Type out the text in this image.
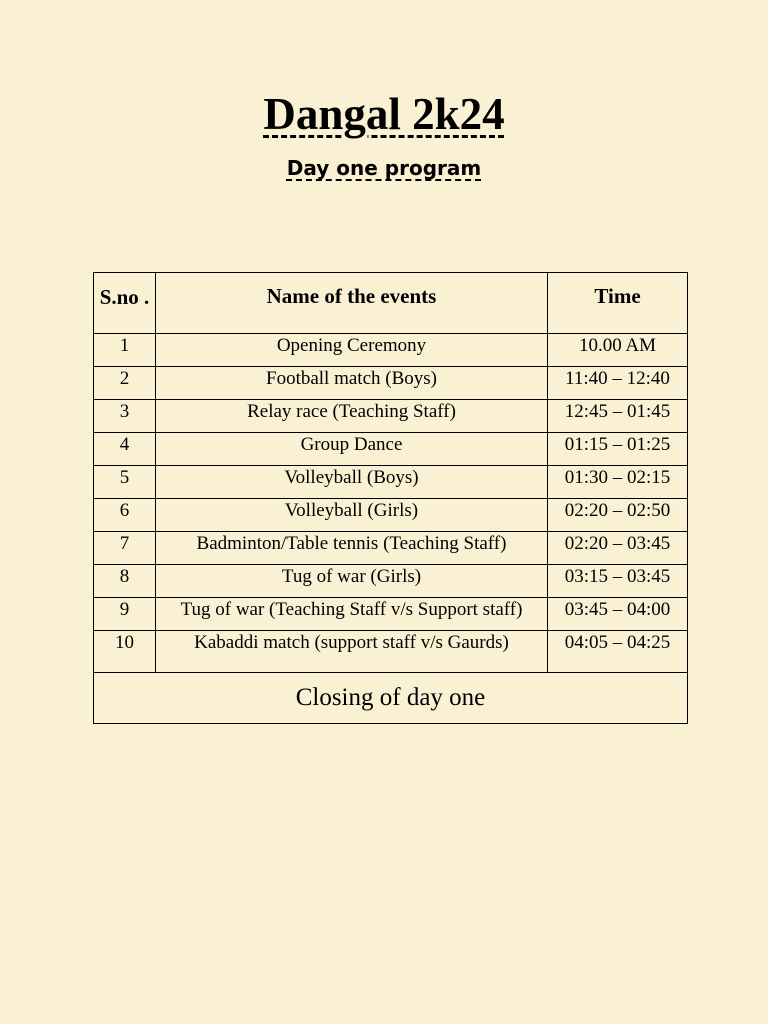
Dangal 2k24
Day one program
S.no .	Name of the events	Time
1	Opening Ceremony	10.00 AM
2	Football match (Boys)	11:40 – 12:40
3	Relay race (Teaching Staff)	12:45 – 01:45
4	Group Dance	01:15 – 01:25
5	Volleyball (Boys)	01:30 – 02:15
6	Volleyball (Girls)	02:20 – 02:50
7	Badminton/Table tennis (Teaching Staff)	02:20 – 03:45
8	Tug of war (Girls)	03:15 – 03:45
9	Tug of war (Teaching Staff v/s Support staff)	03:45 – 04:00
10	Kabaddi match (support staff v/s Gaurds)	04:05 – 04:25
Closing of day one		
